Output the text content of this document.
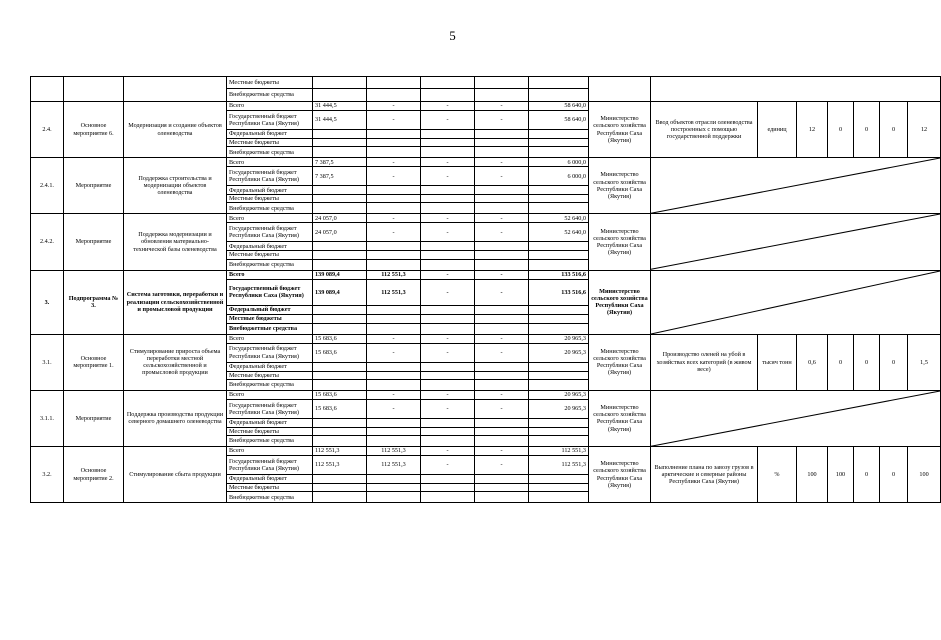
5
			Местные бюджеты													
			Внебюджетные средства													
2.4.	Основное мероприятие 6.	Модернизация и создание объектов оленеводства	Всего	31 444,5	-	-	-	58 640,0	Министерство сельского хозяйства Республики Саха (Якутия)	Ввод объектов отрасли оленеводства построенных с помощью государственной поддержки	единиц	12	0	0	0	12
			Государственный бюджет Республики Саха (Якутия)	31 444,5	-	-	-	58 640,0								
			Федеральный бюджет													
			Местные бюджеты													
			Внебюджетные средства													
2.4.1.	Мероприятие	Поддержка строительства и модернизации объектов оленеводства	Всего	7 387,5	-	-	-	6 000,0	Министерство сельского хозяйства Республики Саха (Якутия)	

			Государственный бюджет Республики Саха (Якутия)	7 387,5	-	-	-	6 000,0								
			Федеральный бюджет													
			Местные бюджеты													
			Внебюджетные средства													
2.4.2.	Мероприятие	Поддержка модернизации и обновления материально-технической базы оленеводства	Всего	24 057,0	-	-	-	52 640,0	Министерство сельского хозяйства Республики Саха (Якутия)	

			Государственный бюджет Республики Саха (Якутия)	24 057,0	-	-	-	52 640,0								
			Федеральный бюджет													
			Местные бюджеты													
			Внебюджетные средства													
3.	Подпрограмма № 3.	Система заготовки, переработки и реализации сельскохозяйственной и промысловой продукции	Всего	139 089,4	112 551,3	-	-	133 516,6	Министерство сельского хозяйства Республики Саха (Якутия)	

			Государственный бюджет Республики Саха (Якутия)	139 089,4	112 551,3	-	-	133 516,6								
			Федеральный бюджет													
			Местные бюджеты													
			Внебюджетные средства													
3.1.	Основное мероприятие 1.	Стимулирование прироста объема переработки местной сельскохозяйственной и промысловой продукции	Всего	15 683,6	-	-	-	20 965,3	Министерство сельского хозяйства Республики Саха (Якутия)	Производство оленей на убой в хозяйствах всех категорий (в живом весе)	тысяч тонн	0,6	0	0	0	1,5
			Государственный бюджет Республики Саха (Якутия)	15 683,6	-	-	-	20 965,3								
			Федеральный бюджет													
			Местные бюджеты													
			Внебюджетные средства													
3.1.1.	Мероприятие	Поддержка производства продукции северного домашнего оленеводства	Всего	15 683,6	-	-	-	20 965,3	Министерство сельского хозяйства Республики Саха (Якутия)	

			Государственный бюджет Республики Саха (Якутия)	15 683,6	-	-	-	20 965,3								
			Федеральный бюджет													
			Местные бюджеты													
			Внебюджетные средства													
3.2.	Основное мероприятие 2.	Стимулирование сбыта продукции	Всего	112 551,3	112 551,3	-	-	112 551,3	Министерство сельского хозяйства Республики Саха (Якутия)	Выполнение плана по завозу грузов в арктические и северные районы Республики Саха (Якутия)	%	100	100	0	0	100
			Государственный бюджет Республики Саха (Якутия)	112 551,3	112 551,3	-	-	112 551,3								
			Федеральный бюджет													
			Местные бюджеты													
			Внебюджетные средства													
